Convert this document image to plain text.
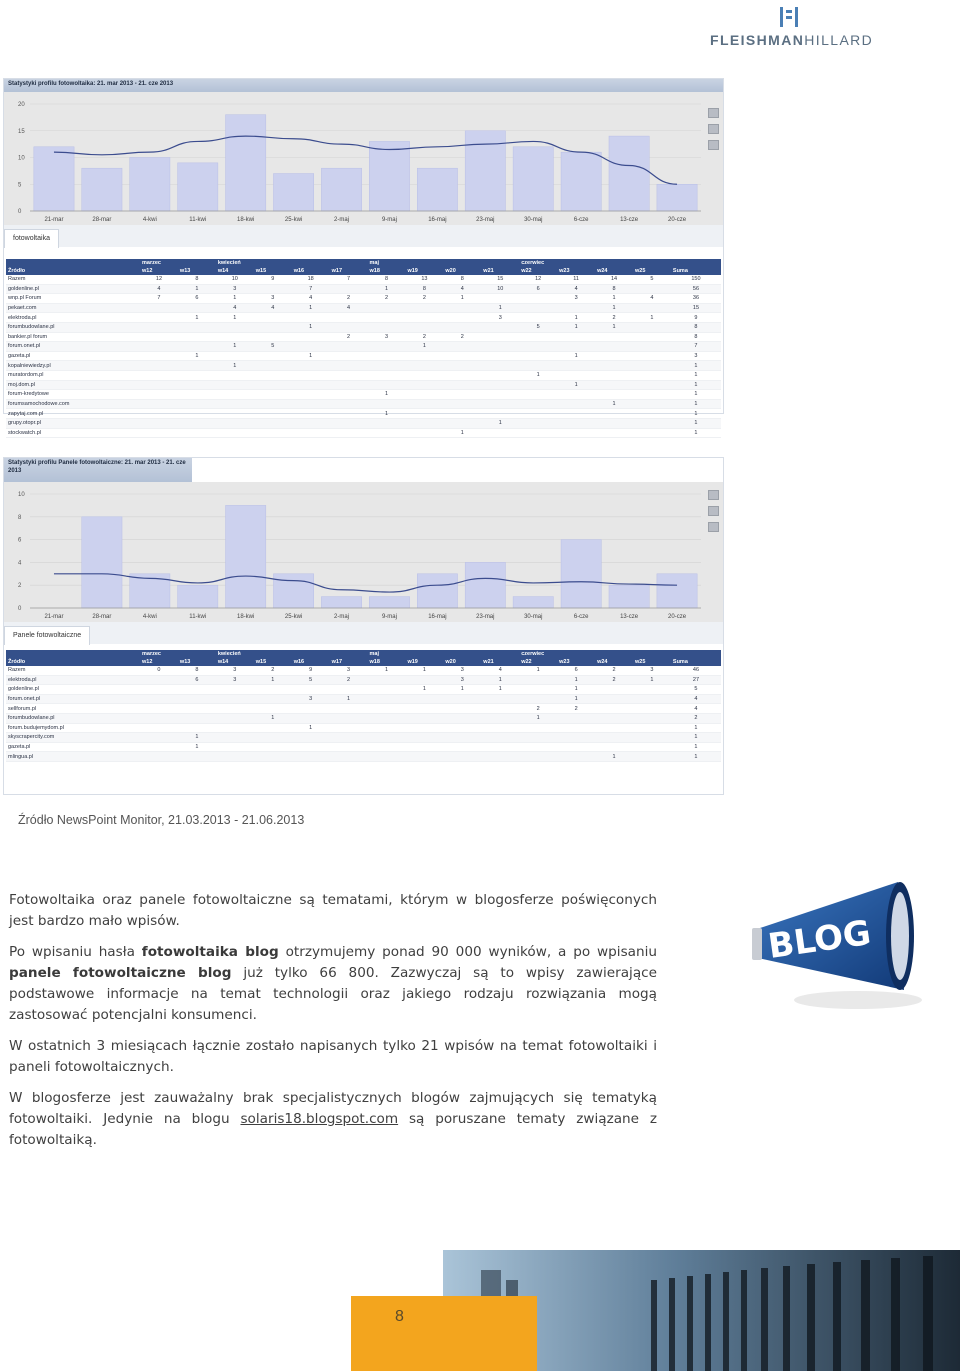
FLEISHMANHILLARD
Statystyki profilu fotowoltaika: 21. mar 2013 - 21. cze 2013
20
15
10
5
0
21-mar	28-mar	4-kwi	11-kwi	18-kwi	25-kwi	2-maj	9-maj	16-maj	23-maj	30-maj	6-cze	13-cze	20-cze
fotowoltaika
	marzec		kwiecień				maj				czerwiec				
Źródło	w12	w13	w14	w15	w16	w17	w18	w19	w20	w21	w22	w23	w24	w25	Suma
Razem	12	8	10	9	18	7	8	13	8	15	12	11	14	5	150
goldenline.pl	4	1	3		7		1	8	4	10	6	4	8		56
wnp.pl Forum	7	6	1	3	4	2	2	2	1			3	1	4	36
pekaet.com			4	4	1	4				1			1		15
elektroda.pl		1	1							3		1	2	1	9
forumbudowlane.pl					1						5	1	1		8
bankier.pl forum						2	3	2	2						8
forum.onet.pl			1	5				1							7
gazeta.pl		1			1							1			3
kopalniewiedzy.pl			1												1
muratordom.pl											1				1
moj.dom.pl												1			1
forum-kredytowe							1								1
forumsamochodowe.com													1		1
zapytaj.com.pl							1								1
grupy.otopr.pl										1					1
stockwatch.pl									1						1
Statystyki profilu Panele fotowoltaiczne: 21. mar 2013 - 21. cze 2013
10
8
6
4
2
0
21-mar	28-mar	4-kwi	11-kwi	18-kwi	25-kwi	2-maj	9-maj	16-maj	23-maj	30-maj	6-cze	13-cze	20-cze
Panele fotowoltaiczne
	marzec		kwiecień				maj				czerwiec				
Źródło	w12	w13	w14	w15	w16	w17	w18	w19	w20	w21	w22	w23	w24	w25	Suma
Razem	0	8	3	2	9	3	1	1	3	4	1	6	2	3	46
elektroda.pl		6	3	1	5	2			3	1		1	2	1	27
goldenline.pl								1	1	1		1			5
forum.onet.pl					3	1						1			4
sellforum.pl											2	2			4
forumbudowlane.pl				1							1				2
forum.budujemydom.pl					1										1
skyscrapercity.com		1													1
gazeta.pl		1													1
mlingua.pl													1		1
Źródło NewsPoint Monitor, 21.03.2013 - 21.06.2013

Fotowoltaika oraz panele fotowoltaiczne są tematami, którym w blogosferze poświęconych jest bardzo mało wpisów.

Po wpisaniu hasła fotowoltaika blog otrzymujemy ponad 90 000 wyników, a po wpisaniu panele fotowoltaiczne blog już tylko 66 800. Zazwyczaj są to wpisy zawierające podstawowe informacje na temat technologii oraz jakiego rodzaju rozwiązania mogą zastosować potencjalni konsumenci.

W ostatnich 3 miesiącach łącznie zostało napisanych tylko 21 wpisów na temat fotowoltaiki i paneli fotowoltaicznych.

W blogosferze jest zauważalny brak specjalistycznych blogów zajmujących się tematyką fotowoltaiki. Jedynie na blogu solaris18.blogspot.com są poruszane tematy związane z fotowoltaiką.

BLOG
8
